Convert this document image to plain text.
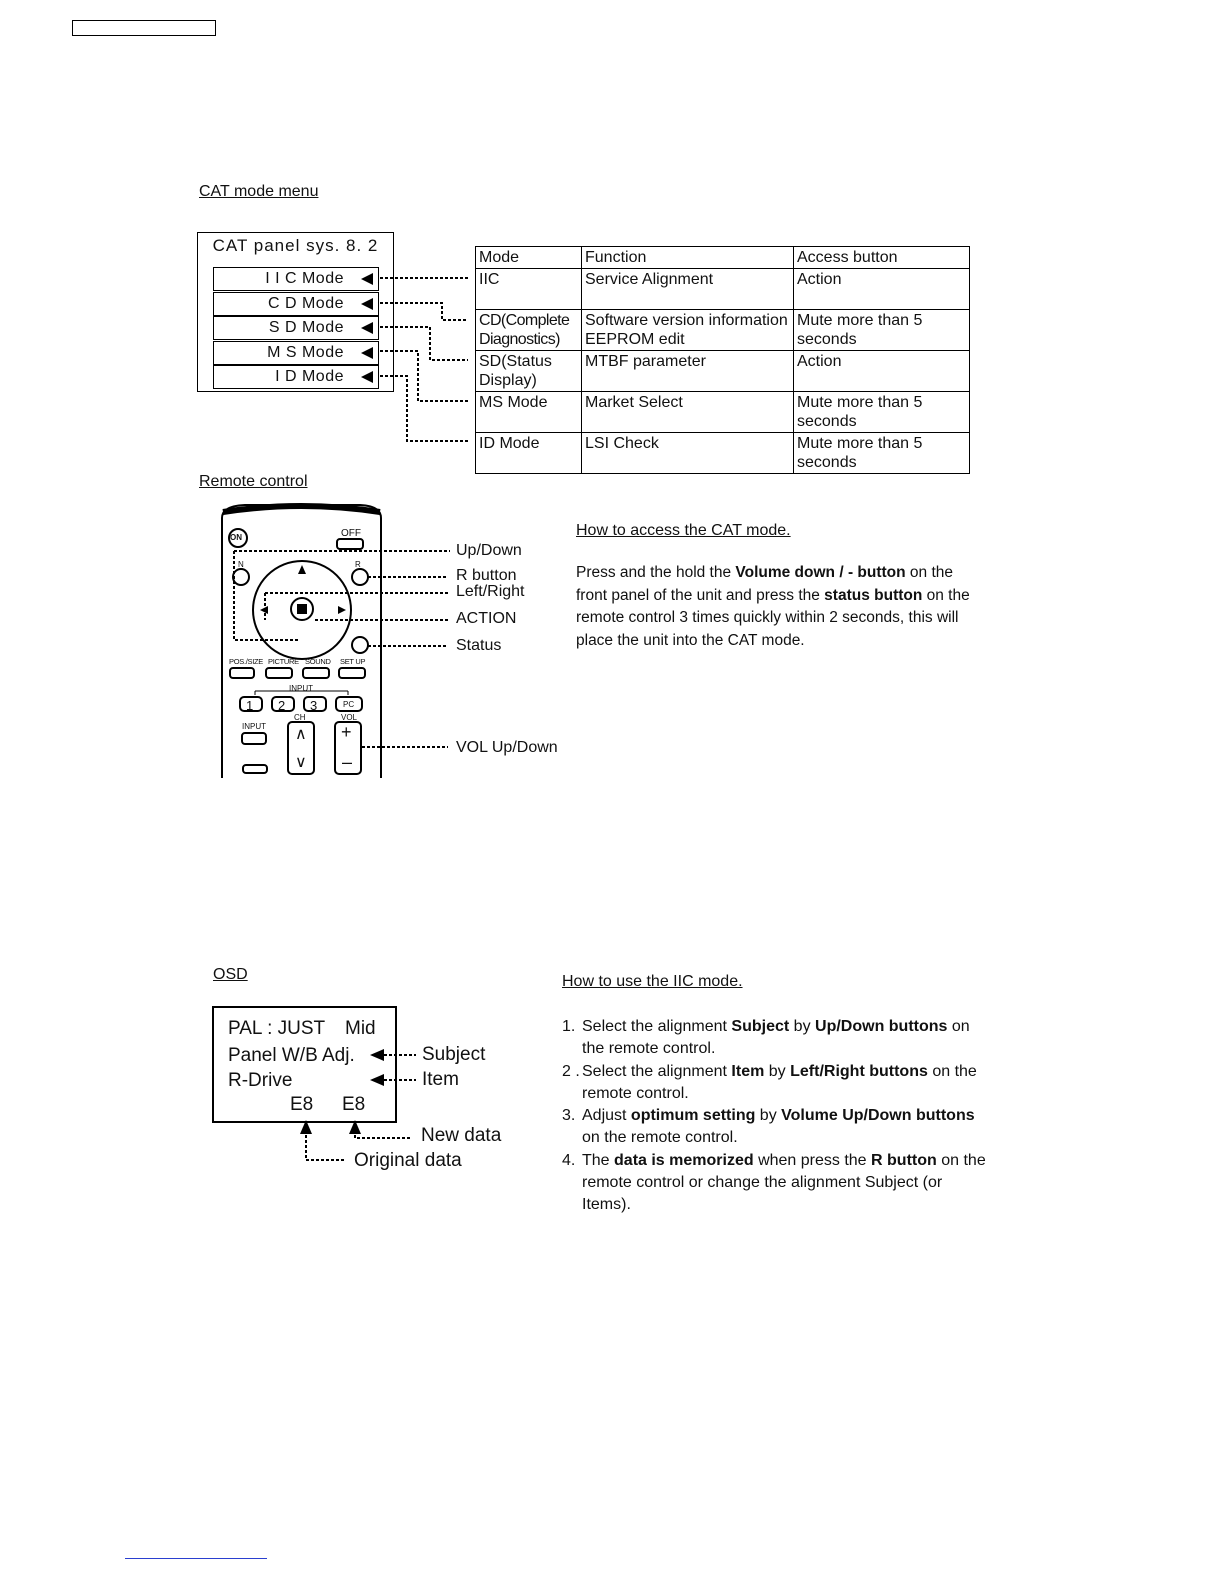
CAT mode menu
CAT panel sys. 8. 2
I I C Mode
C D Mode
S D Mode
M S Mode
I D Mode
Mode	Function	Access button
IIC	Service Alignment	Action
CD(Complete Diagnostics)	Software version information EEPROM edit	Mute more than 5 seconds
SD(Status Display)	MTBF parameter	Action
MS Mode	Market Select	Mute more than 5 seconds
ID Mode	LSI Check	Mute more than 5 seconds
Remote control
ON	OFF
N	R
POS./SIZE PICTURE SOUND SET UP
INPUT
1 2 3	PC
INPUT
CH	VOL
∧
∨
+
–
Up/Down
R button
Left/Right
ACTION
Status
VOL Up/Down
How to access the CAT mode.
Press and the hold the Volume down / - button on the front panel of the unit and press the status button on the remote control 3 times quickly within 2 seconds, this will place the unit into the CAT mode.
OSD
PAL : JUST Mid
Panel W/B Adj.
R-Drive
E8 E8
Subject
Item
New data
Original data
How to use the IIC mode.
1. Select the alignment Subject by Up/Down buttons on the remote control.
2 . Select the alignment Item by Left/Right buttons on the remote control.
3. Adjust optimum setting by Volume Up/Down buttons on the remote control.
4. The data is memorized when press the R button on the remote control or change the alignment Subject (or Items).
